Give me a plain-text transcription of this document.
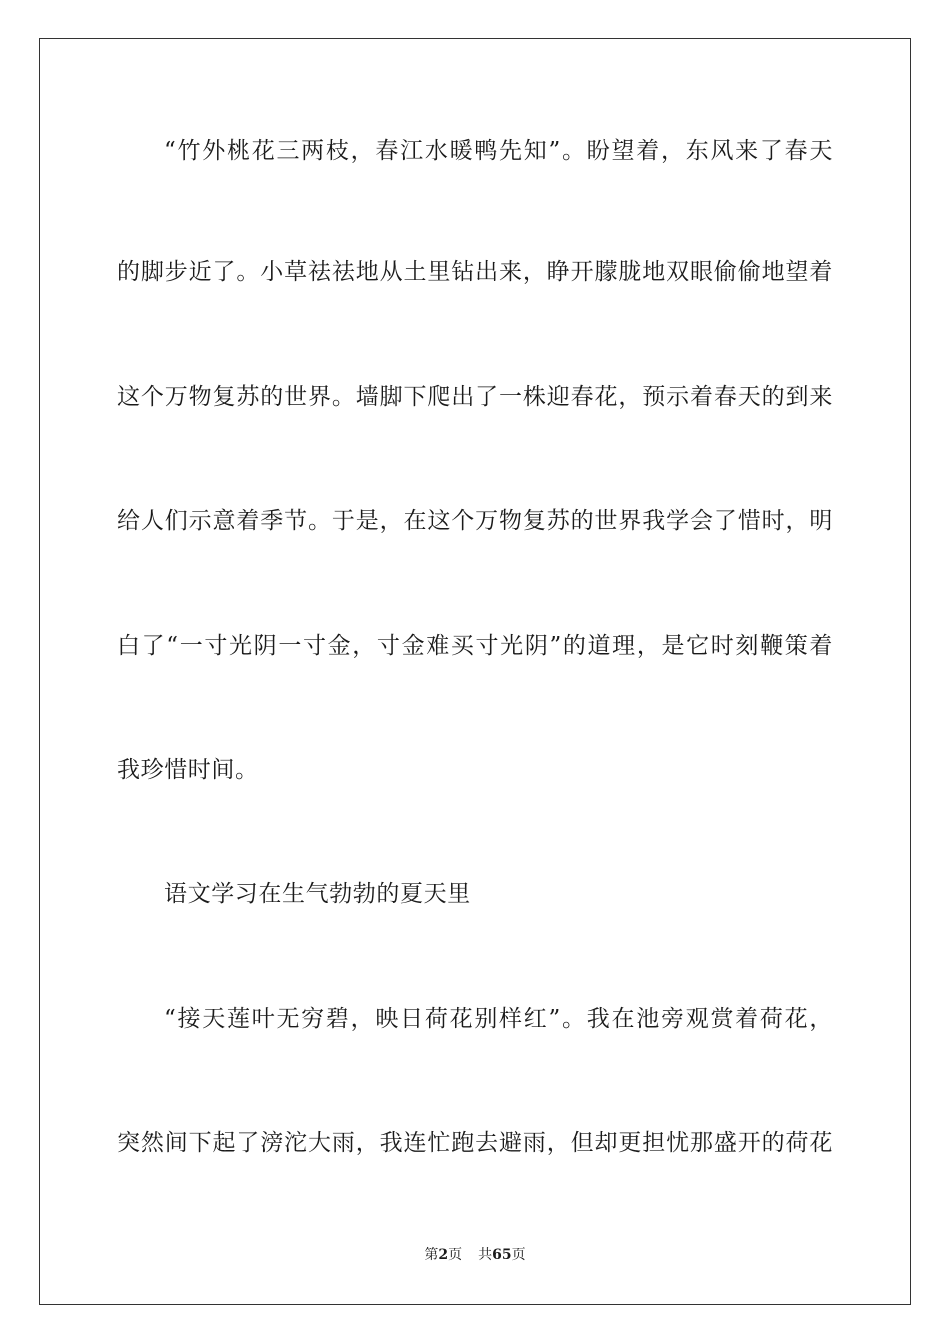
“竹外桃花三两枝，春江水暖鸭先知”。盼望着，东风来了春天
的脚步近了。小草祛祛地从土里钻出来，睁开朦胧地双眼偷偷地望着
这个万物复苏的世界。墙脚下爬出了一株迎春花，预示着春天的到来
给人们示意着季节。于是，在这个万物复苏的世界我学会了惜时，明
白了“一寸光阴一寸金，寸金难买寸光阴”的道理，是它时刻鞭策着
我珍惜时间。
语文学习在生气勃勃的夏天里
“接天莲叶无穷碧，映日荷花别样红”。我在池旁观赏着荷花，
突然间下起了滂沱大雨，我连忙跑去避雨，但却更担忧那盛开的荷花
第2页 共65页
